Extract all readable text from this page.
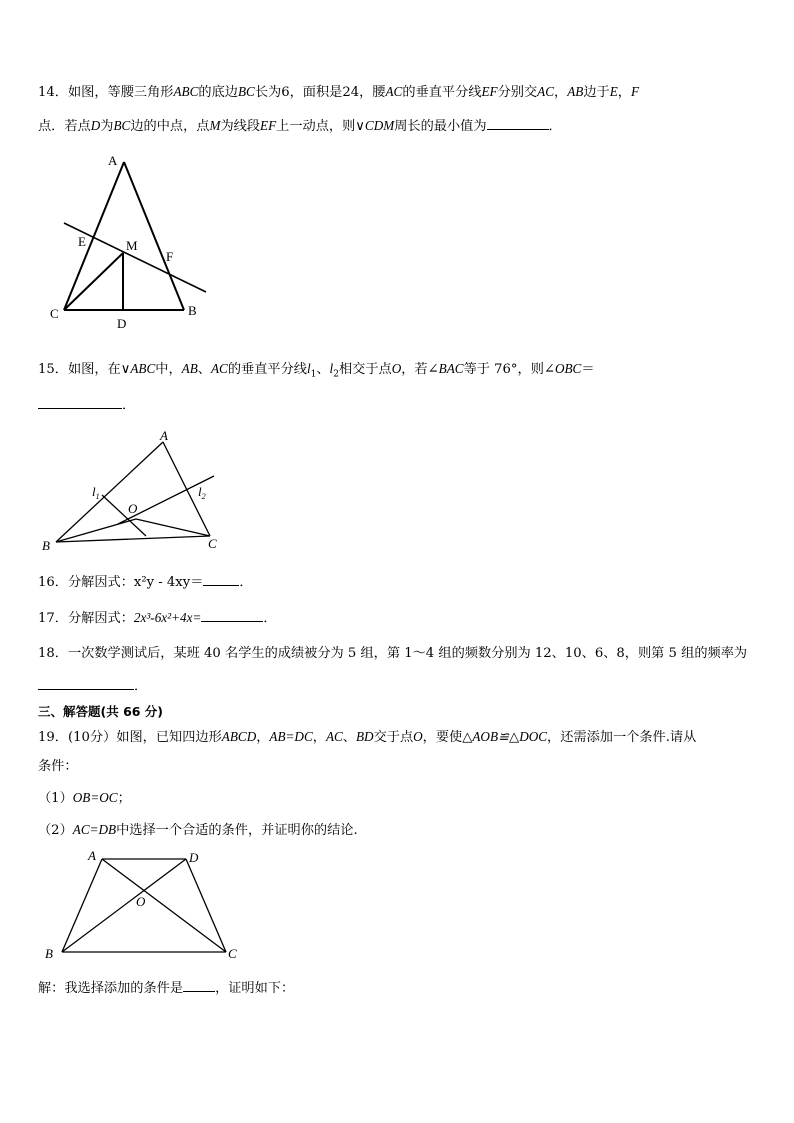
14．如图，等腰三角形ABC的底边BC长为6，面积是24，腰AC的垂直平分线EF分别交AC，AB边于E，F
点．若点D为BC边的中点，点M为线段EF上一动点，则∨CDM周长的最小值为	．
A
B
C
D
E
F
M
15．如图，在∨ABC中，AB、AC的垂直平分线$l_1$、$l_2$相交于点O，若∠BAC等于 76°，则∠OBC＝
．
A
B	C
O
$l_1$	$l_2$
16．分解因式：x²y - 4xy＝	．
17．分解因式：2x³-6x²+4x=	．
18．一次数学测试后，某班 40 名学生的成绩被分为 5 组，第 1～4 组的频数分别为 12、10、6、8，则第 5 组的频率为
．
三、解答题(共 66 分)
19．(10分）如图，已知四边形ABCD，AB=DC，AC、BD交于点O，要使△AOB≌△DOC，还需添加一个条件.请从
条件：
（1）OB=OC；
（2）AC=DB中选择一个合适的条件，并证明你的结论.
A	D
B	C
O
解：我选择添加的条件是 ，证明如下：
